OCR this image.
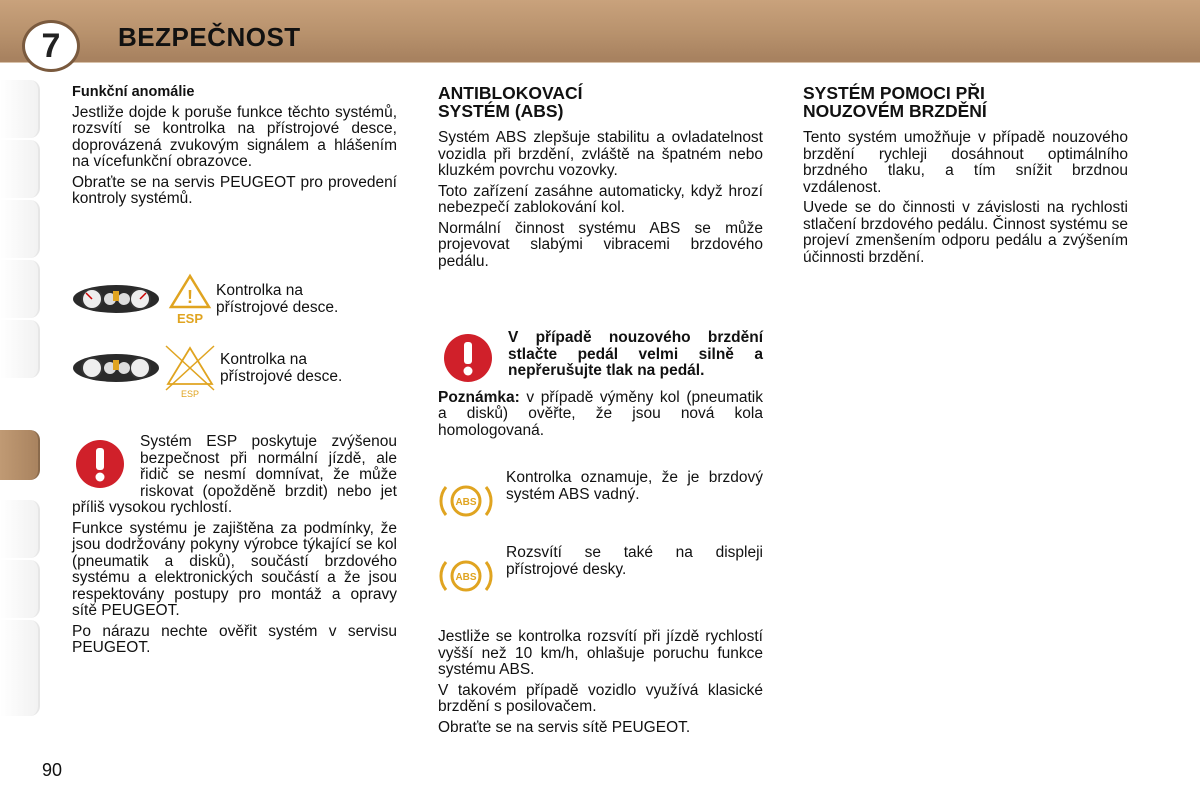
7 BEZPEČNOST
Funkční anomálie

Jestliže dojde k poruše funkce těchto systémů, rozsvítí se kontrolka na přístrojové desce, doprovázená zvukovým signálem a hlášením na vícefunkční obrazovce.

Obraťte se na servis PEUGEOT pro provedení kontroly systémů.

!
ESP
Kontrolka na
přístrojové desce.
ESP
Kontrolka na
přístrojové desce.

Systém ESP poskytuje zvýšenou bezpečnost při normální jízdě, ale řidič se nesmí domnívat, že může riskovat (opožděně brzdit) nebo jet příliš vysokou rychlostí.

Funkce systému je zajištěna za podmínky, že jsou dodržovány pokyny výrobce týkající se kol (pneumatik a disků), součástí brzdového systému a elektronických součástí a že jsou respektovány postupy pro montáž a opravy sítě PEUGEOT.

Po nárazu nechte ověřit systém v servisu PEUGEOT.

ANTIBLOKOVACÍ
SYSTÉM (ABS)

Systém ABS zlepšuje stabilitu a ovladatelnost vozidla při brzdění, zvláště na špatném nebo kluzkém povrchu vozovky.

Toto zařízení zasáhne automaticky, když hrozí nebezpečí zablokování kol.

Normální činnost systému ABS se může projevovat slabými vibracemi brzdového pedálu.

V případě nouzového brzdění stlačte pedál velmi silně a nepřerušujte tlak na pedál.

Poznámka: v případě výměny kol (pneumatik a disků) ověřte, že jsou nová kola homologovaná.

ABS

Kontrolka oznamuje, že je brzdový systém ABS vadný.

ABS

Rozsvítí se také na displeji přístrojové desky.

Jestliže se kontrolka rozsvítí při jízdě rychlostí vyšší než 10 km/h, ohlašuje poruchu funkce systému ABS.

V takovém případě vozidlo využívá klasické brzdění s posilovačem.

Obraťte se na servis sítě PEUGEOT.

SYSTÉM POMOCI PŘI
NOUZOVÉM BRZDĚNÍ

Tento systém umožňuje v případě nouzového brzdění rychleji dosáhnout optimálního brzdného tlaku, a tím snížit brzdnou vzdálenost.

Uvede se do činnosti v závislosti na rychlosti stlačení brzdového pedálu. Činnost systému se projeví zmenšením odporu pedálu a zvýšením účinnosti brzdění.

90
